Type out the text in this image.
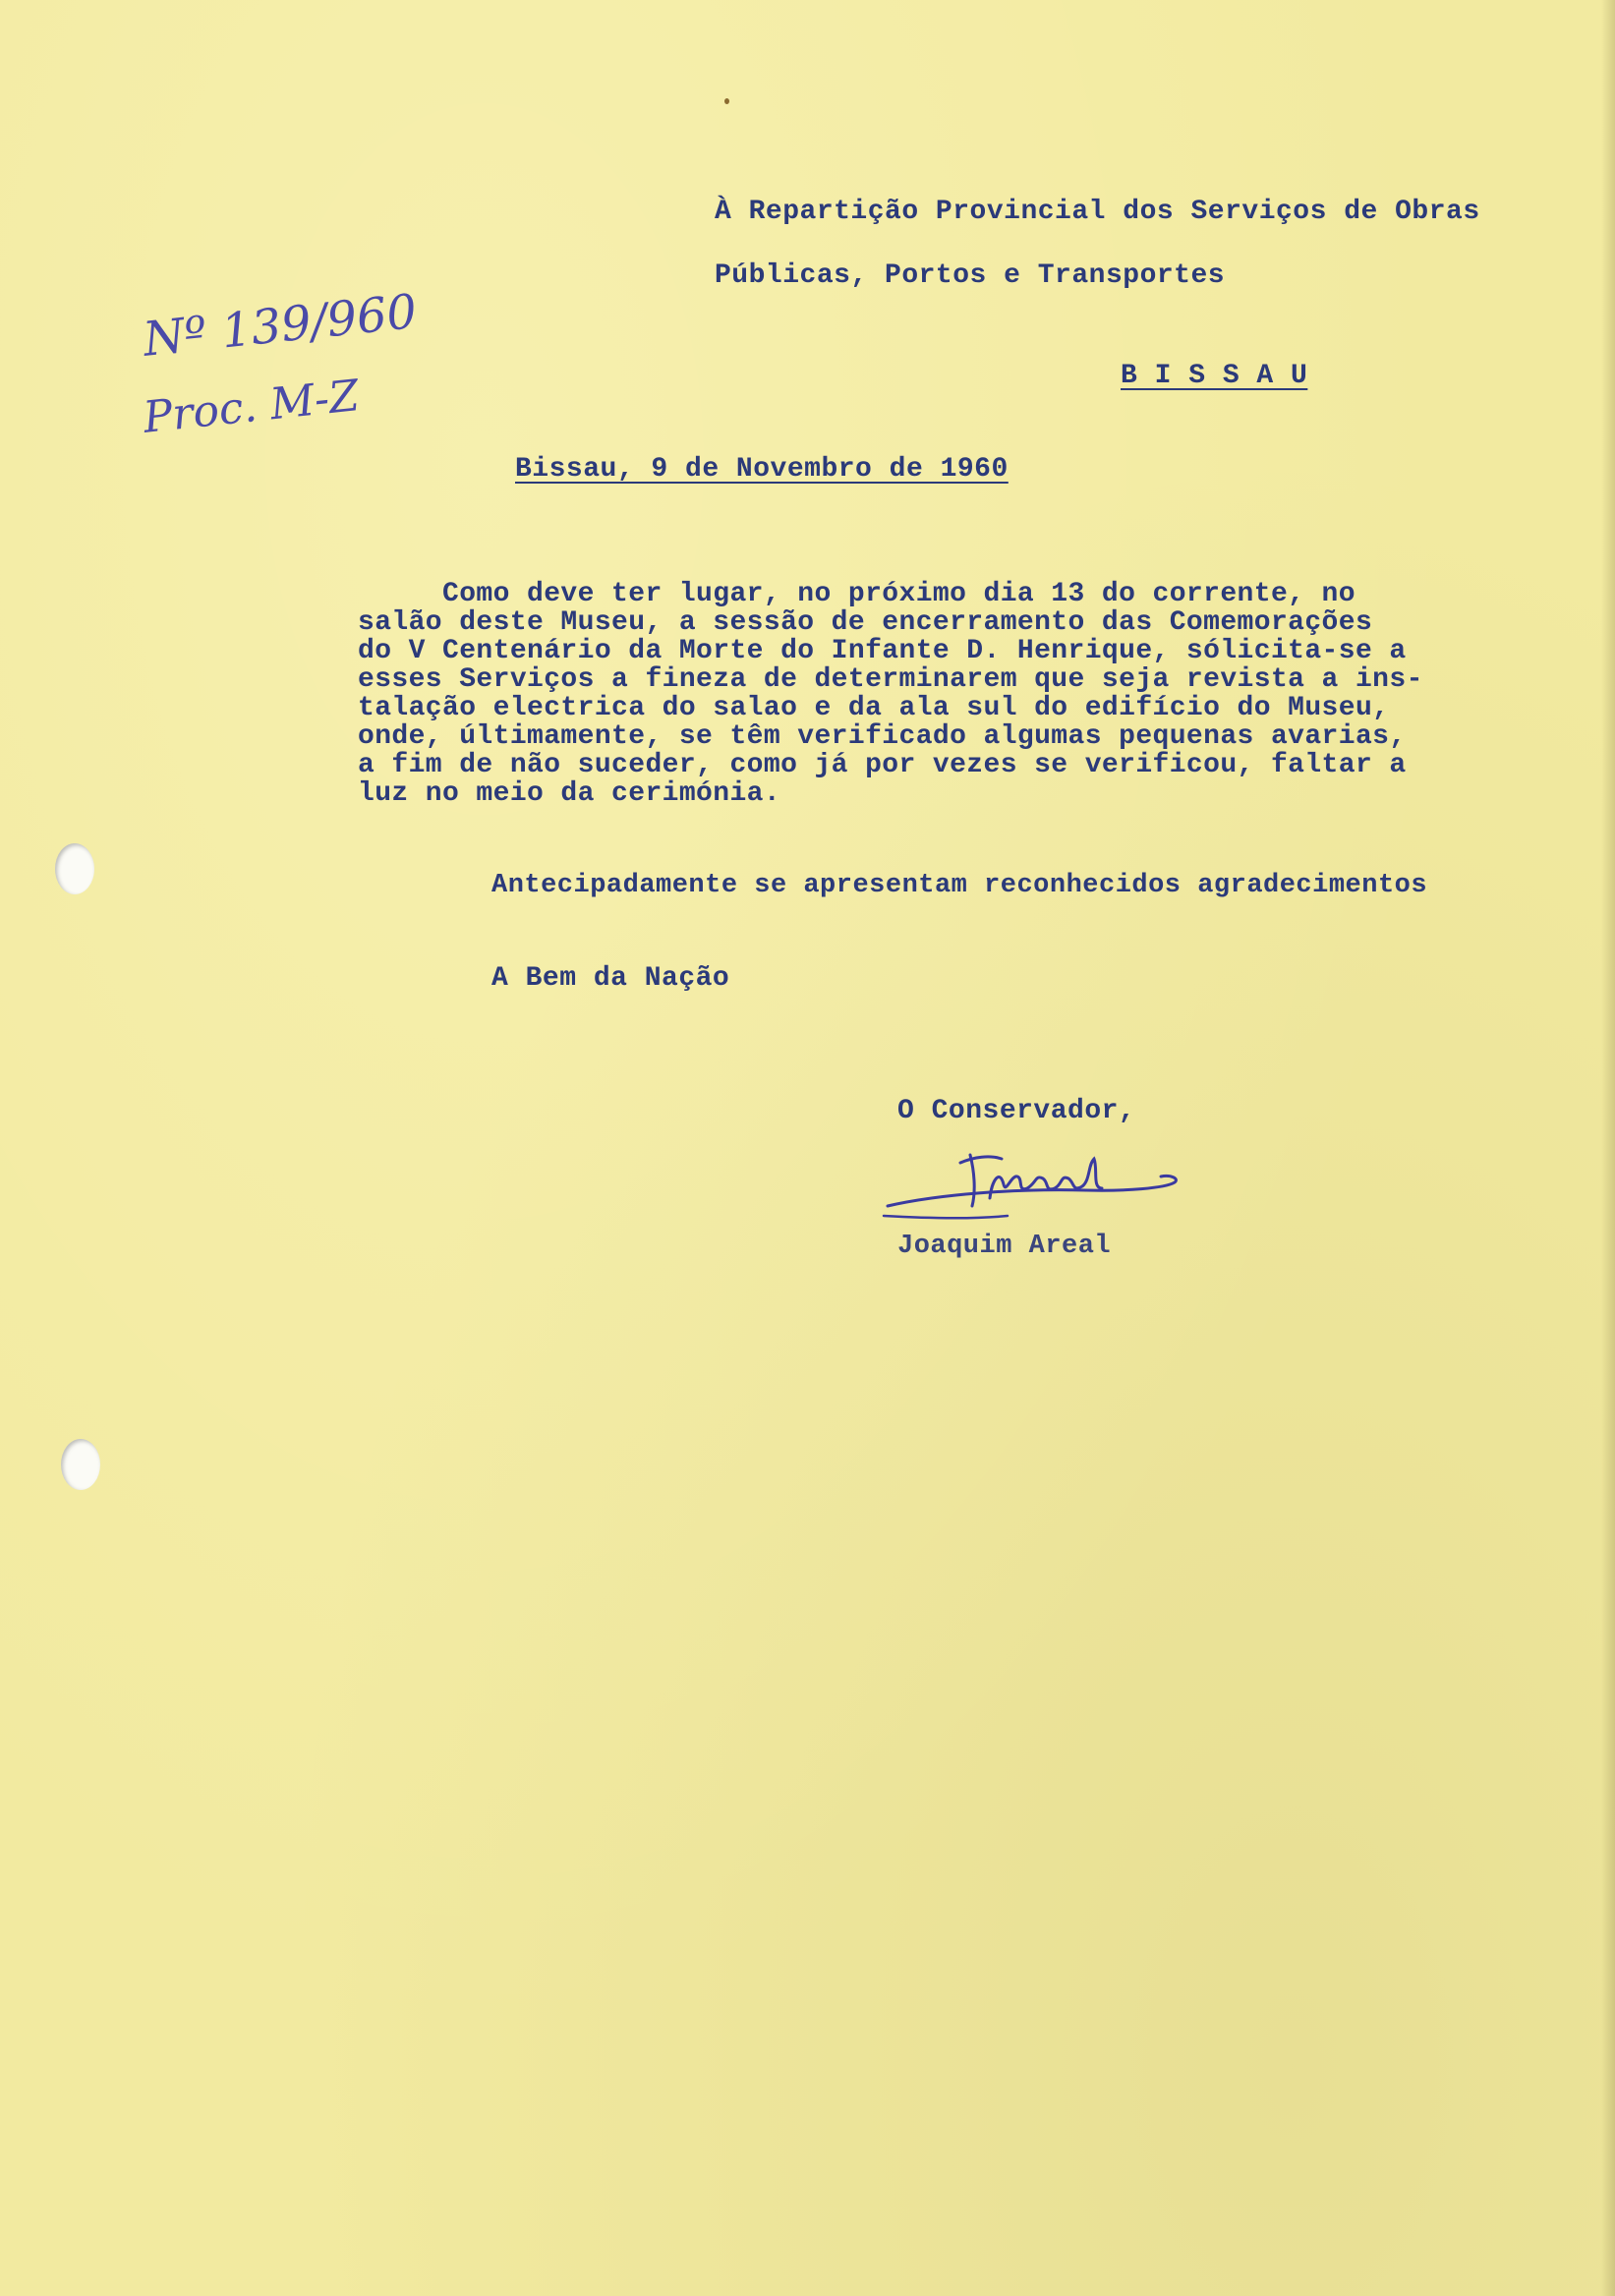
À Repartição Provincial dos Serviços de Obras

Públicas, Portos e Transportes

B I S S A U

Nº 139/960

Proc. M-Z

Bissau, 9 de Novembro de 1960

Como deve ter lugar, no próximo dia 13 do corrente, no
salão deste Museu, a sessão de encerramento das Comemorações
do V Centenário da Morte do Infante D. Henrique, sólicita-se a
esses Serviços a fineza de determinarem que seja revista a ins-
talação electrica do salao e da ala sul do edifício do Museu,
onde, últimamente, se têm verificado algumas pequenas avarias,
a fim de não suceder, como já por vezes se verificou, faltar a
luz no meio da cerimónia.

Antecipadamente se apresentam reconhecidos agradecimentos

A Bem da Nação

O Conservador,

Joaquim Areal
